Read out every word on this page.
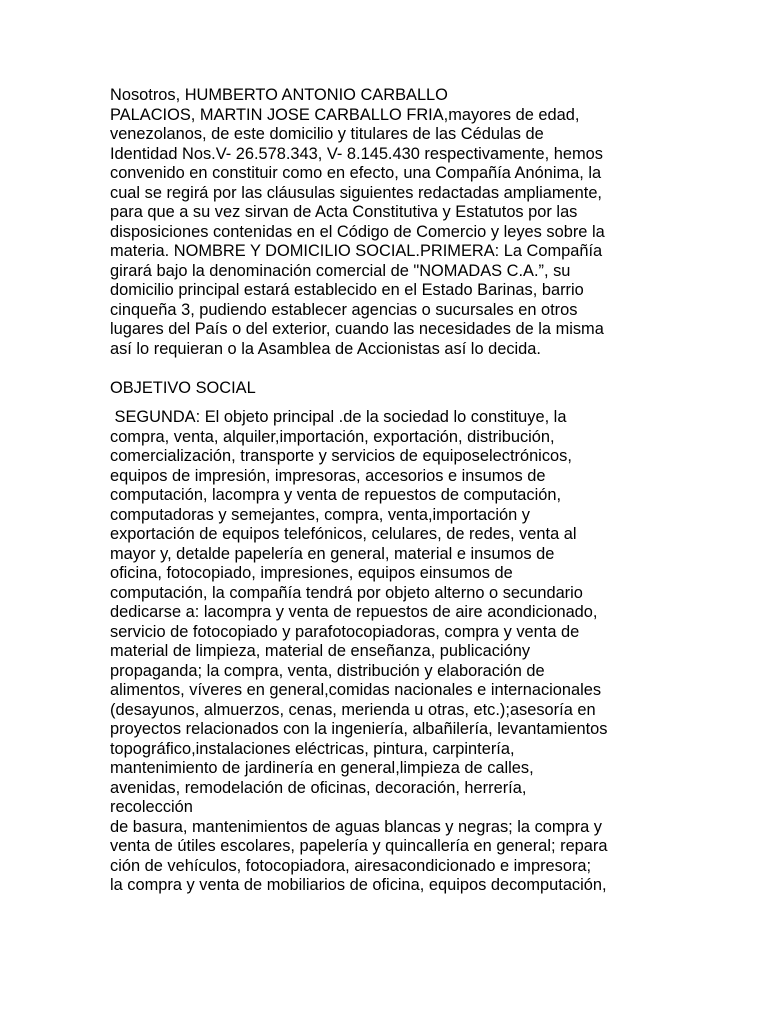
Nosotros, HUMBERTO ANTONIO CARBALLO
PALACIOS, MARTIN JOSE CARBALLO FRIA,mayores de edad,
venezolanos, de este domicilio y titulares de las Cédulas de
Identidad Nos.V- 26.578.343, V- 8.145.430 respectivamente, hemos
convenido en constituir como en efecto, una Compañía Anónima, la
cual se regirá por las cláusulas siguientes redactadas ampliamente,
para que a su vez sirvan de Acta Constitutiva y Estatutos por las
disposiciones contenidas en el Código de Comercio y leyes sobre la
materia. NOMBRE Y DOMICILIO SOCIAL.PRIMERA: La Compañía
girará bajo la denominación comercial de "NOMADAS C.A.”, su
domicilio principal estará establecido en el Estado Barinas, barrio
cinqueña 3, pudiendo establecer agencias o sucursales en otros
lugares del País o del exterior, cuando las necesidades de la misma
así lo requieran o la Asamblea de Accionistas así lo decida.
OBJETIVO SOCIAL
SEGUNDA: El objeto principal .de la sociedad lo constituye, la
compra, venta, alquiler,importación, exportación, distribución,
comercialización, transporte y servicios de equiposelectrónicos,
equipos de impresión, impresoras, accesorios e insumos de
computación, lacompra y venta de repuestos de computación,
computadoras y semejantes, compra, venta,importación y
exportación de equipos telefónicos, celulares, de redes, venta al
mayor y, detalde papelería en general, material e insumos de
oficina, fotocopiado, impresiones, equipos einsumos de
computación, la compañía tendrá por objeto alterno o secundario
dedicarse a: lacompra y venta de repuestos de aire acondicionado,
servicio de fotocopiado y parafotocopiadoras, compra y venta de
material de limpieza, material de enseñanza, publicacióny
propaganda; la compra, venta, distribución y elaboración de
alimentos, víveres en general,comidas nacionales e internacionales
(desayunos, almuerzos, cenas, merienda u otras, etc.);asesoría en
proyectos relacionados con la ingeniería, albañilería, levantamientos
topográfico,instalaciones eléctricas, pintura, carpintería,
mantenimiento de jardinería en general,limpieza de calles,
avenidas, remodelación de oficinas, decoración, herrería,
recolección
de basura, mantenimientos de aguas blancas y negras; la compra y
venta de útiles escolares, papelería y quincallería en general; repara
ción de vehículos, fotocopiadora, airesacondicionado e impresora;
la compra y venta de mobiliarios de oficina, equipos decomputación,
